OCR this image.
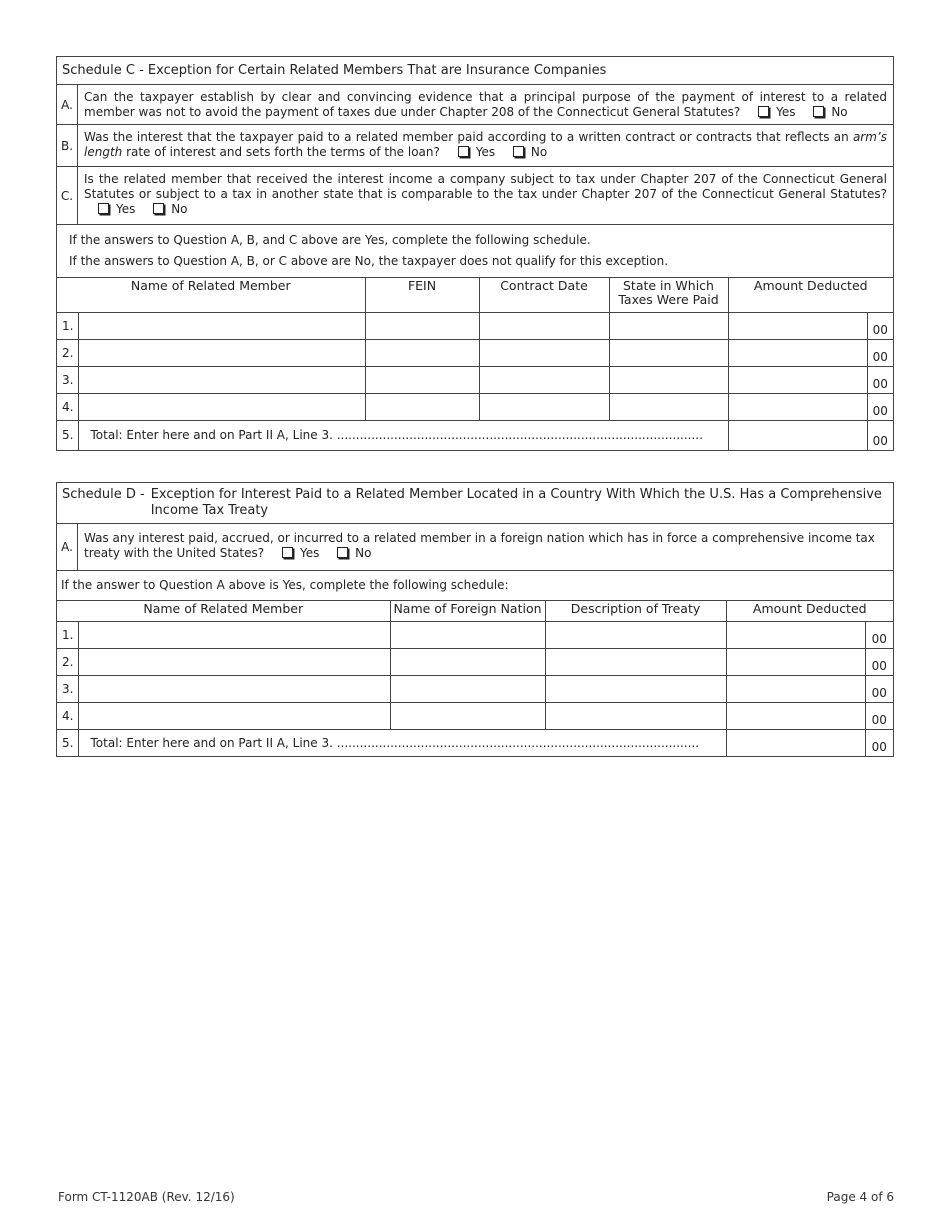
Schedule C - Exception for Certain Related Members That are Insurance Companies
A.
Can the taxpayer establish by clear and convincing evidence that a principal purpose of the payment of interest to a related member was not to avoid the payment of taxes due under Chapter 208 of the Connecticut General Statutes?	Yes	No
B.
Was the interest that the taxpayer paid to a related member paid according to a written contract or contracts that reflects an arm’s length rate of interest and sets forth the terms of the loan?	Yes	No
C.
Is the related member that received the interest income a company subject to tax under Chapter 207 of the Connecticut General Statutes or subject to a tax in another state that is comparable to the tax under Chapter 207 of the Connecticut General Statutes? Yes	No
If the answers to Question A, B, and C above are Yes, complete the following schedule.
If the answers to Question A, B, or C above are No, the taxpayer does not qualify for this exception.
Name of Related Member		FEIN	Contract Date	State in Which Taxes Were Paid	Amount Deducted	
1.						00
2.						00
3.						00
4.						00
5.	Total: Enter here and on Part II A, Line 3. ................................................................................................					00
Schedule D - Exception for Interest Paid to a Related Member Located in a Country With Which the U.S. Has a Comprehensive Income Tax Treaty
A.
Was any interest paid, accrued, or incurred to a related member in a foreign nation which has in force a comprehensive income tax treaty with the United States?	Yes	No
If the answer to Question A above is Yes, complete the following schedule:
Name of Related Member		Name of Foreign Nation	Description of Treaty	Amount Deducted	
1.					00
2.					00
3.					00
4.					00
5.	Total: Enter here and on Part II A, Line 3. ...............................................................................................				00
Form CT-1120AB (Rev. 12/16)	Page 4 of 6
